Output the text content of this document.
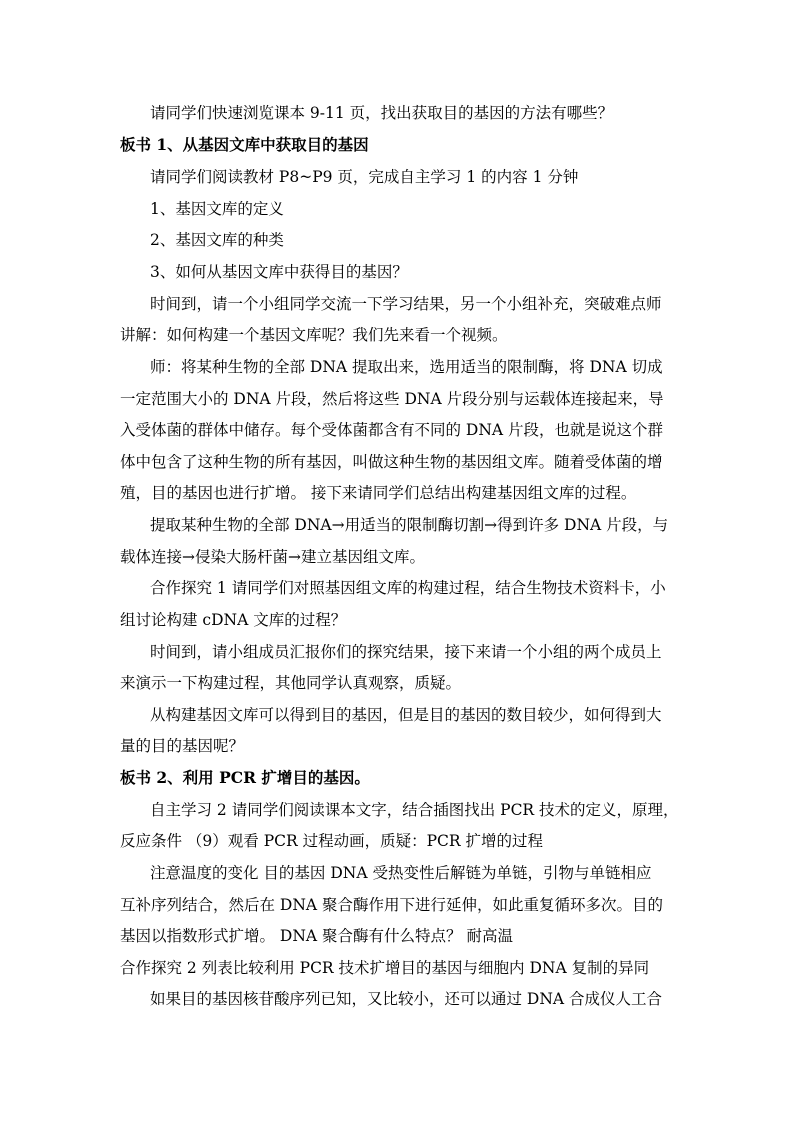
请同学们快速浏览课本 9-11 页，找出获取目的基因的方法有哪些？
板书 1、从基因文库中获取目的基因
请同学们阅读教材 P8~P9 页，完成自主学习 1 的内容 1 分钟
1、基因文库的定义
2、基因文库的种类
3、如何从基因文库中获得目的基因？
时间到，请一个小组同学交流一下学习结果，另一个小组补充，突破难点师
讲解：如何构建一个基因文库呢？我们先来看一个视频。
师：将某种生物的全部 DNA 提取出来，选用适当的限制酶，将 DNA 切成
一定范围大小的 DNA 片段，然后将这些 DNA 片段分别与运载体连接起来，导
入受体菌的群体中储存。每个受体菌都含有不同的 DNA 片段，也就是说这个群
体中包含了这种生物的所有基因，叫做这种生物的基因组文库。随着受体菌的增
殖，目的基因也进行扩增。 接下来请同学们总结出构建基因组文库的过程。
提取某种生物的全部 DNA→用适当的限制酶切割→得到许多 DNA 片段，与
载体连接→侵染大肠杆菌→建立基因组文库。
合作探究 1 请同学们对照基因组文库的构建过程，结合生物技术资料卡，小
组讨论构建 cDNA 文库的过程？
时间到，请小组成员汇报你们的探究结果，接下来请一个小组的两个成员上
来演示一下构建过程，其他同学认真观察，质疑。
从构建基因文库可以得到目的基因，但是目的基因的数目较少，如何得到大
量的目的基因呢？
板书 2、利用 PCR 扩增目的基因。
自主学习 2 请同学们阅读课本文字，结合插图找出 PCR 技术的定义，原理，
反应条件 （9）观看 PCR 过程动画，质疑：PCR 扩增的过程
注意温度的变化 目的基因 DNA 受热变性后解链为单链，引物与单链相应
互补序列结合，然后在 DNA 聚合酶作用下进行延伸，如此重复循环多次。目的
基因以指数形式扩增。 DNA 聚合酶有什么特点？ 耐高温
合作探究 2 列表比较利用 PCR 技术扩增目的基因与细胞内 DNA 复制的异同
如果目的基因核苷酸序列已知，又比较小，还可以通过 DNA 合成仪人工合
